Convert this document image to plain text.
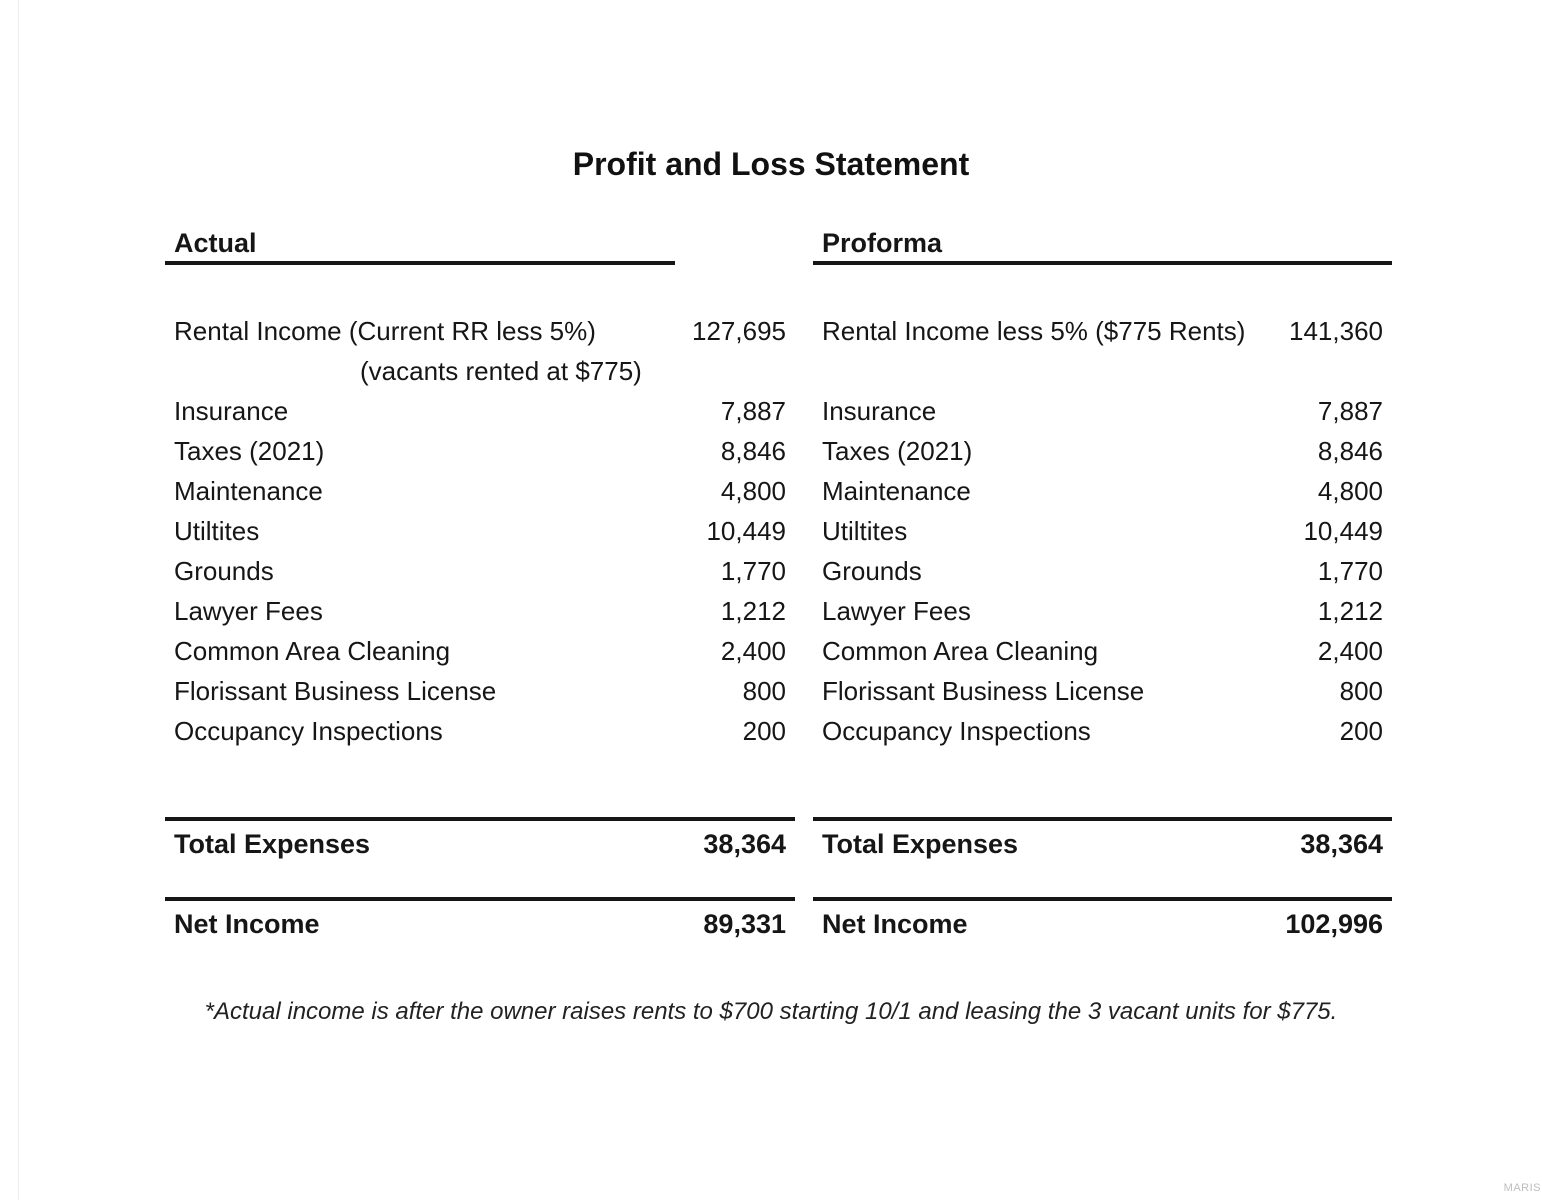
Profit and Loss Statement
Actual
Rental Income (Current RR less 5%)	127,695
(vacants rented at $775)
Insurance	7,887
Taxes (2021)	8,846
Maintenance	4,800
Utiltites	10,449
Grounds	1,770
Lawyer Fees	1,212
Common Area Cleaning	2,400
Florissant Business License	800
Occupancy Inspections	200
Total Expenses	38,364
Net Income	89,331
Proforma
Rental Income less 5% ($775 Rents) 141,360
Insurance	7,887
Taxes (2021)	8,846
Maintenance	4,800
Utiltites	10,449
Grounds	1,770
Lawyer Fees	1,212
Common Area Cleaning	2,400
Florissant Business License	800
Occupancy Inspections	200
Total Expenses	38,364
Net Income	102,996
*Actual income is after the owner raises rents to $700 starting 10/1 and leasing the 3 vacant units for $775.
MARIS
